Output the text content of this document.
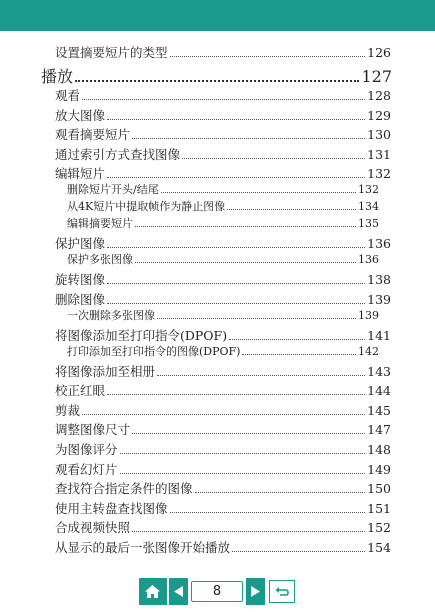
设置摘要短片的类型	126
播放	127
观看	128
放大图像	129
观看摘要短片	130
通过索引方式查找图像	131
编辑短片	132
删除短片开头/结尾	132
从4K短片中提取帧作为静止图像	134
编辑摘要短片	135
保护图像	136
保护多张图像	136
旋转图像	138
删除图像	139
一次删除多张图像	139
将图像添加至打印指令(DPOF)	141
打印添加至打印指令的图像(DPOF)	142
将图像添加至相册	143
校正红眼	144
剪裁	145
调整图像尺寸	147
为图像评分	148
观看幻灯片	149
查找符合指定条件的图像	150
使用主转盘查找图像	151
合成视频快照	152
从显示的最后一张图像开始播放	154
8
